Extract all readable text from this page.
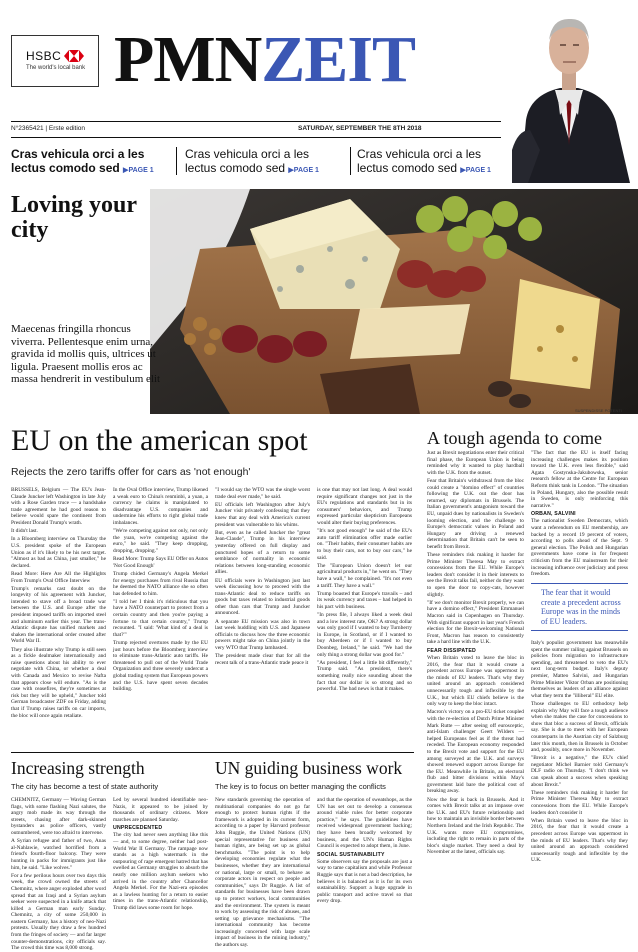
HSBC
The world's local bank PMNZEIT
N°2365421 | Erste edition	SATURDAY, SEPTEMBER THE 8TH 2018
Cras vehicula orci a les
lectus comodo sed ▶PAGE 1
Cras vehicula orci a les
lectus comodo sed ▶PAGE 1
Cras vehicula orci a les
lectus comodo sed ▶PAGE 1
Loving your city
Maecenas fringilla rhoncus viverra. Pellentesque enim urna, gravida id mollis quis, ultrices ut ligula. Praesent mollis eros ac massa hendrerit in vestibulum elit
SUSPENDISSE POTENTI
EU on the american spot
Rejects the zero tariffs offer for cars as 'not enough'

BRUSSELS, Belgium — The EU's Jean-Claude Juncker left Washington in late July with a Rose Garden truce — a handshake trade agreement he had good reason to believe would spare the continent from President Donald Trump's wrath.

It didn't last.

In a Bloomberg interview on Thursday the U.S. president spoke of the European Union as if it's likely to be his next target. "Almost as bad as China, just smaller," he declared.

Read More: Here Are All the Highlights From Trump's Oval Office Interview

Trump's remarks cast doubt on the longevity of his agreement with Juncker, intended to stave off a broad trade war between the U.S. and Europe after the president imposed tariffs on imported steel and aluminum earlier this year. The trans-Atlantic dispute has unified markets and shaken the international order created after World War II.

They also illustrate why Trump is still seen as a fickle dealmaker internationally and raise questions about his ability to ever negotiate with China, or whether a deal with Canada and Mexico to revise Nafta that appears close will endure. "As is the case with ceasefires, they're sometimes at risk but they will be upheld," Juncker told German broadcaster ZDF on Friday, adding that if Trump raises tariffs on car imports, the bloc will once again retaliate.

In the Oval Office interview, Trump likened a weak euro to China's renminbi, a yuan, a currency he claims is manipulated to disadvantage U.S. companies and undermine his efforts to right global trade imbalances.

"We're competing against not only, not only the yuan, we're competing against the euro," he said. "They keep dropping, dropping, dropping."

Read More: Trump Says EU Offer on Autos 'Not Good Enough'

Trump chided Germany's Angela Merkel for energy purchases from rival Russia that he deemed the NATO alliance she so often has defended to him.

"I told her I think it's ridiculous that you have a NATO counterpart to protect from a certain country and then you're paying a fortune to that certain country," Trump recounted. "I said: 'What kind of a deal is that?'"

Trump rejected overtures made by the EU just hours before the Bloomberg interview to eliminate trans-Atlantic auto tariffs. He threatened to pull out of the World Trade Organization and three severely undercut a global trading system that European powers and the U.S. have spent seven decades building.

"I would say the WTO was the single worst trade deal ever made," he said.

EU officials left Washington after July's Juncker visit privately confessing that they knew that any deal with America's current president was vulnerable to his whims.

But, even as he called Juncker the "great Jean-Claude", Trump in his interview yesterday offered on full display and punctured hopes of a return to some semblance of normality in economic relations between long-standing economic allies.

EU officials were in Washington just last week discussing how to proceed with the trans-Atlantic deal to reduce tariffs on goods but taxes related to industrial goods other than cars that Trump and Juncker announced.

A separate EU mission was also in town last week huddling with U.S. and Japanese officials to discuss how the three economic powers might take on China jointly in the very WTO that Trump lambasted.

The president made clear that for all the recent talk of a trans-Atlantic trade peace it

is one that may not last long. A deal would require significant changes not just in the EU's regulations and standards but in its consumers' behaviors, and Trump expressed particular skepticism Europeans would alter their buying preferences.

"It's not good enough" he said of the EU's auto tariff elimination offer made earlier on. "Their habits, their consumer habits are to buy their cars, not to buy our cars," he said.

The "European Union doesn't let our agricultural products in," he went on. "They have a wall," he complained. "It's not even a tariff. They have a wall."

Trump boasted that Europe's travails – and its weak currency and taxes – had helped in his pact with business.

"In press file, I always liked a week deal and a low interest rate, OK? A strong dollar was only good if I wanted to buy Turnberry in Europe, in Scotland, or if I wanted to buy Aberdeen or if I wanted to buy Doonbeg, Ireland," he said. "We had the only thing a strong dollar was good for."

"As president, I feel a little bit differently," Trump said. "As president, there's something really nice sounding about the fact that our dollar is so strong and so powerful. The bad news is that it makes.

A tough agenda to come

Just as Brexit negotiations enter their critical final phase, the European Union is being reminded why it wanted to play hardball with the U.K. from the outset.

Fear that Britain's withdrawal from the bloc could create a "domino effect" of countries following the U.K. out the door has returned, say diplomats in Brussels. The Italian government's antagonism toward the EU, unpaid dues by nationalists in Sweden's looming election, and the challenge to Europe's democratic values in Poland and Hungary are driving a renewed determination that Britain can't be seen to benefit from Brexit.

These reminders risk making it harder for Prime Minister Theresa May to extract concessions from the EU. While Europe's leaders don't consider it in their interests to see the Brexit talks fail, neither do they want to open the door to copy-cats, however slightly.

"If we don't monitor Brexit properly, we can have a domino effect," President Emmanuel Macron said in Copenhagen on Thursday. With significant support in last year's French election for the Brexit-welcoming National Front, Macron has reason to consistently take a hard line with the U.K.

FEAR DISSIPATED

When Britain voted to leave the bloc in 2016, the fear that it would create a precedent across Europe was uppermost in the minds of EU leaders. That's why they united around an approach considered unnecessarily tough and inflexible by the U.K., but which EU chiefs believe is the only way to keep the bloc intact.

Macron's victory on a pro-EU ticket coupled with the re-election of Dutch Prime Minister Mark Rutte — after seeing off eurosceptic, anti-Islam challenger Geert Wilders — helped Europeans feel as if the threat had receded. The European economy responded to the Brexit vote and support for the EU among surveyed at the U.K. and surveys showed renewed support across Europe for the EU. Meanwhile in Britain, an electoral flub and bitter divisions within May's government laid bare the political cost of breaking away.

Now the fear is back in Brussels. And it comes with Brexit talks at an impasse over the U.K. and EU's future relationship and how to maintain an invisible border between Northern Ireland and the Irish Republic. The U.K. wants more EU compromises, including the right to remain in parts of the bloc's single market. They need a deal by November at the latest, officials say.

"The fact that the EU is itself facing increasing challenges makes its position toward the U.K. even less flexible," said Agata Gostynska-Jakubowska, senior research fellow at the Centre for European Reform think tank in London. "The situation in Poland, Hungary, also the possible result in Sweden, is only reinforcing this narrative."

ORBAN, SALVINI

The nationalist Sweden Democrats, which want a referendum on EU membership, are backed by a record 19 percent of voters, according to polls ahead of the Sept. 9 general election. The Polish and Hungarian governments have come in for frequent criticism from the EU mainstream for their increasing influence over judiciary and press freedom.

The fear that it would create a precedent across Europe was in the minds of EU leaders.

Italy's populist government has meanwhile spent the summer railing against Brussels on policies from migration to infrastructure spending, and threatened to veto the EU's next long-term budget. Italy's deputy premier, Matteo Salvini, and Hungarian Prime Minister Viktor Orban are positioning themselves as leaders of an alliance against what they term the "illiberal" EU elite.

Those challenges to EU orthodoxy help explain why May will face a tough audience when she makes the case for concessions to show that bloc a success of Brexit, officials say. She is due to meet with her European counterparts in the Austrian city of Salzburg later this month, then in Brussels in October and, possibly, once more in November.

"Brexit is a negative," the EU's chief negotiator Michel Barnier told Germany's DLF radio on Thursday. "I don't think we can speak about a success when speaking about Brexit."

These reminders risk making it harder for Prime Minister Theresa May to extract concessions from the EU. While Europe's leaders don't consider it

When Britain voted to leave the bloc in 2016, the fear that it would create a precedent across Europe was uppermost in the minds of EU leaders. That's why they united around an approach considered unnecessarily tough and inflexible by the U.K.

Increasing strength
The city has become a test of state authority

CHEMNITZ, Germany — Waving German flags, with some flashing Nazi salutes, the angry mob made its way through the streets, chasing after dark-skinned bystanders as police officers, vastly outnumbered, were too afraid to intervene.

A Syrian refugee and father of two, Anas al-Nahlawie, watched horrified from a friend's fourth-floor balcony. They were hunting in packs for immigrants just like him, he said. "Like wolves."

For a few perilous hours over two days this week, the crowd owned the streets of Chemnitz, where anger exploded after word spread that an Iraqi and a Syrian asylum seeker were suspected in a knife attack that killed a German man early Sunday. Chemnitz, a city of some 250,000 in eastern Germany, has a history of neo-Nazi protests. Usually they draw a few hundred from the fringes of society — and far larger counter-demonstrations, city officials say. The crowd this time was 8,000 strong.

Led by several hundred identifiable neo-Nazis, it appeared to be joined by thousands of ordinary citizens. More marches are planned Saturday.

UNPRECEDENTED

The city had never seen anything like this — and, to some degree, neither had post-World War II Germany. The rampage now stands as a high watermark in the outpouring of rage emergent hatred that has swelled as Germany struggles to absorb the nearly one million asylum seekers who arrived in the country after Chancellor Angela Merkel. For the Nazi-era episodes as a lawless hunting for a return to easier times in the trans-Atlantic relationship, Trump did laws some room for hope.

UN guiding business work
The key is to focus on better managing the conflicts

New standards governing the operation of multinational companies do not go far enough to protect human rights if the framework is adopted in its current form, according to a paper by Harvard professor John Ruggie, the United Nations (UN) special representative for business and human rights, are being set up as global benchmarks. "The point is to help developing economies regulate what the businesses, whether they are international or national, large or small, to behave as corporate actors in respect on people and communities," says Dr Ruggie. A list of standards for businesses have been drawn up to protect workers, local communities and the environment. The system is meant to work by assessing the risk of abuses, and setting up grievance mechanisms. "The international community has become increasingly concerned with large scale impact of business in the mining industry," the authors say.

and that the operation of sweatshops, as the UN has set out to develop a consensus around viable rules for better corporate practice," he says. The guidelines have received widespread government backing; they have been broadly welcomed by business, and the UN's Human Rights Council is expected to adopt them, in June.

SOCIAL SUSTAINABILITY

Some observers say the proposals are just a way to tame capitalism and while Professor Ruggie says that is not a bad description, he believes it is balanced as it is for its own sustainability. Support a huge upgrade in public transport and active travel so that every drop.
